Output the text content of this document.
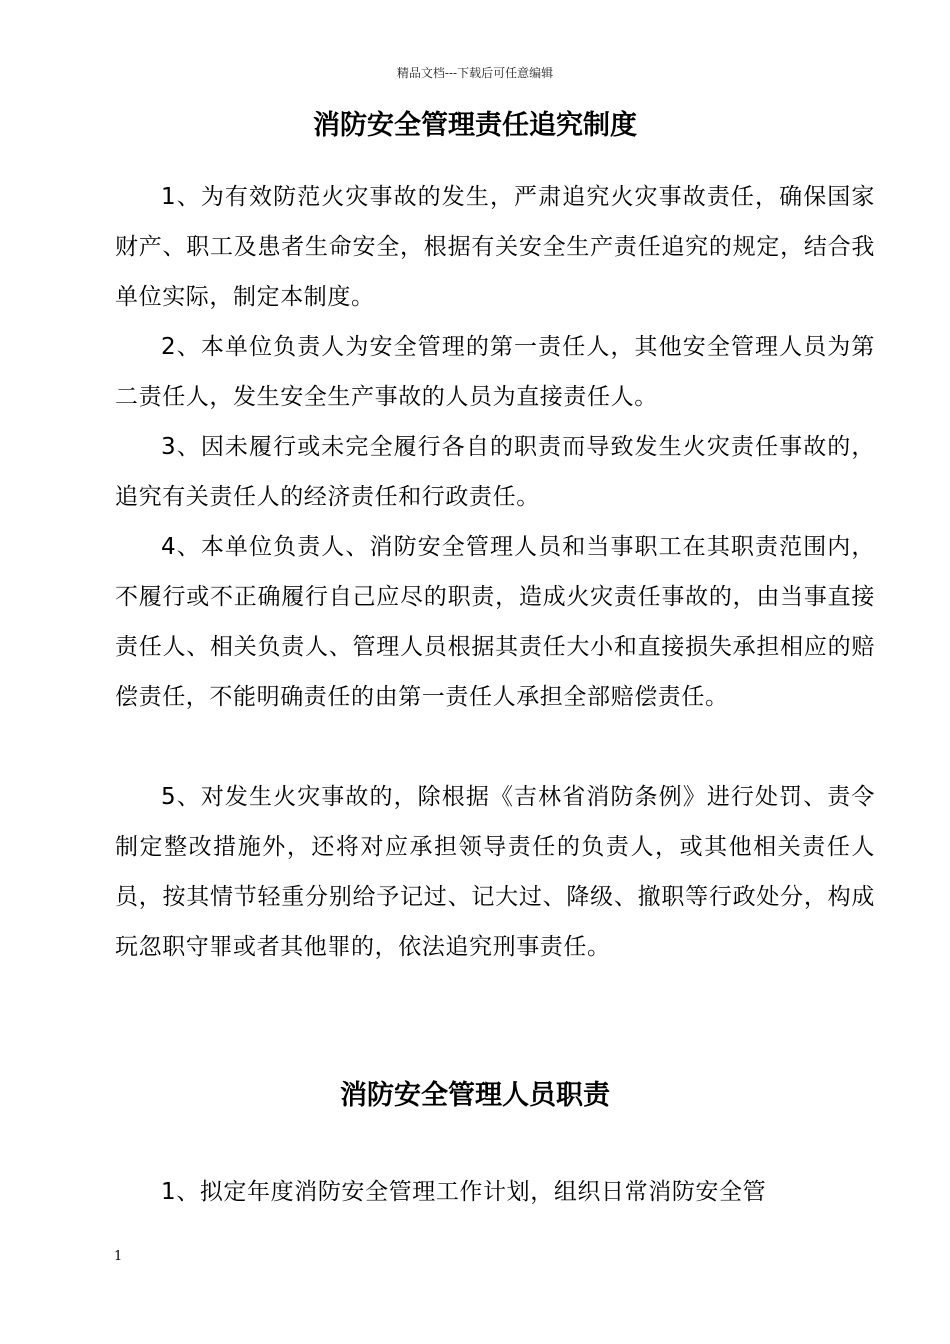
精品文档---下载后可任意编辑
消防安全管理责任追究制度

1、为有效防范火灾事故的发生，严肃追究火灾事故责任，确保国家财产、职工及患者生命安全，根据有关安全生产责任追究的规定，结合我单位实际，制定本制度。

2、本单位负责人为安全管理的第一责任人，其他安全管理人员为第二责任人，发生安全生产事故的人员为直接责任人。

3、因未履行或未完全履行各自的职责而导致发生火灾责任事故的，追究有关责任人的经济责任和行政责任。

4、本单位负责人、消防安全管理人员和当事职工在其职责范围内，不履行或不正确履行自己应尽的职责，造成火灾责任事故的，由当事直接责任人、相关负责人、管理人员根据其责任大小和直接损失承担相应的赔偿责任，不能明确责任的由第一责任人承担全部赔偿责任。

5、对发生火灾事故的，除根据《吉林省消防条例》进行处罚、责令制定整改措施外，还将对应承担领导责任的负责人，或其他相关责任人员，按其情节轻重分别给予记过、记大过、降级、撤职等行政处分，构成玩忽职守罪或者其他罪的，依法追究刑事责任。

消防安全管理人员职责

1、拟定年度消防安全管理工作计划，组织日常消防安全管

1
